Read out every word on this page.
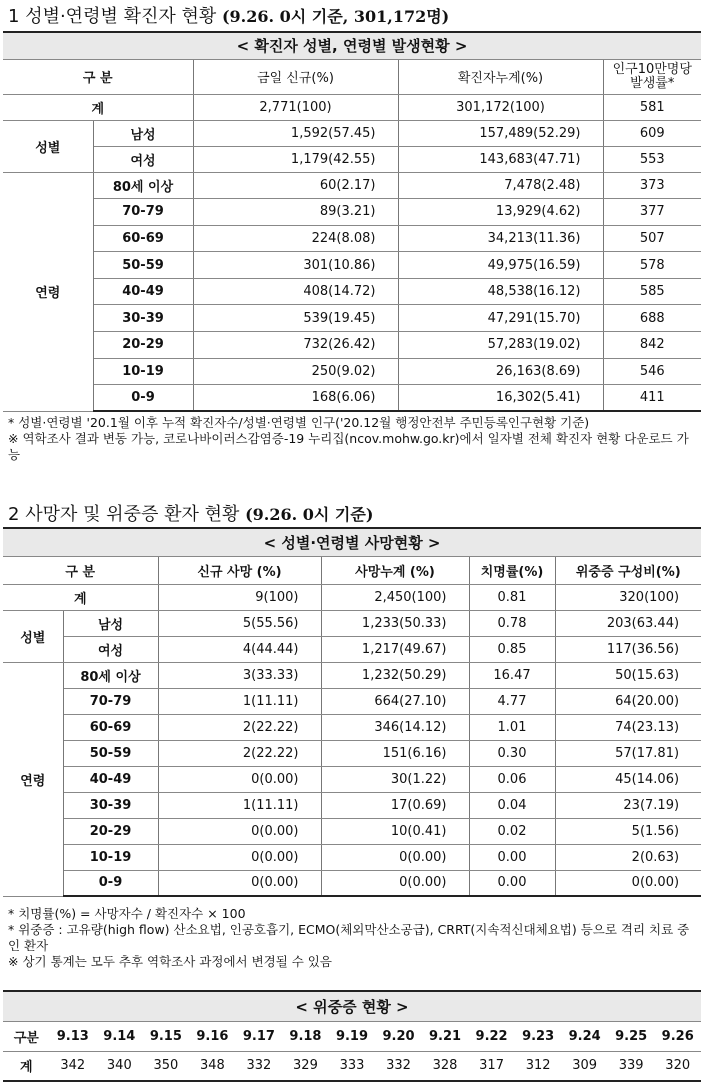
1 성별·연령별 확진자 현황 (9.26. 0시 기준, 301,172명)
< 확진자 성별, 연령별 발생현황 >				
구 분		금일 신규(%)	확진자누계(%)	인구10만명당
발생률*

계		2,771(100)	301,172(100)	581
성별	남성	1,592(57.45)	157,489(52.29)	609
	여성	1,179(42.55)	143,683(47.71)	553
연령	80세 이상	60(2.17)	7,478(2.48)	373
	70-79	89(3.21)	13,929(4.62)	377
	60-69	224(8.08)	34,213(11.36)	507
	50-59	301(10.86)	49,975(16.59)	578
	40-49	408(14.72)	48,538(16.12)	585
	30-39	539(19.45)	47,291(15.70)	688
	20-29	732(26.42)	57,283(19.02)	842
	10-19	250(9.02)	26,163(8.69)	546
	0-9	168(6.06)	16,302(5.41)	411

* 성별·연령별 '20.1월 이후 누적 확진자수/성별·연령별 인구('20.12월 행정안전부 주민등록인구현황 기준)

※ 역학조사 결과 변동 가능, 코로나바이러스감염증-19 누리집(ncov.mohw.go.kr)에서 일자별 전체 확진자 현황 다운로드 가능

2 사망자 및 위중증 환자 현황 (9.26. 0시 기준)
< 성별·연령별 사망현황 >					
구 분		신규 사망 (%)	사망누계 (%)	치명률(%)	위중증 구성비(%)
계		9(100)	2,450(100)	0.81	320(100)
성별	남성	5(55.56)	1,233(50.33)	0.78	203(63.44)
	여성	4(44.44)	1,217(49.67)	0.85	117(36.56)
연령	80세 이상	3(33.33)	1,232(50.29)	16.47	50(15.63)
	70-79	1(11.11)	664(27.10)	4.77	64(20.00)
	60-69	2(22.22)	346(14.12)	1.01	74(23.13)
	50-59	2(22.22)	151(6.16)	0.30	57(17.81)
	40-49	0(0.00)	30(1.22)	0.06	45(14.06)
	30-39	1(11.11)	17(0.69)	0.04	23(7.19)
	20-29	0(0.00)	10(0.41)	0.02	5(1.56)
	10-19	0(0.00)	0(0.00)	0.00	2(0.63)
	0-9	0(0.00)	0(0.00)	0.00	0(0.00)

* 치명률(%) = 사망자수 / 확진자수 × 100

* 위중증 : 고유량(high flow) 산소요법, 인공호흡기, ECMO(체외막산소공급), CRRT(지속적신대체요법) 등으로 격리 치료 중인 환자

※ 상기 통계는 모두 추후 역학조사 과정에서 변경될 수 있음

< 위중증 현황 >														
구분	9.13	9.14	9.15	9.16	9.17	9.18	9.19	9.20	9.21	9.22	9.23	9.24	9.25	9.26
계	342	340	350	348	332	329	333	332	328	317	312	309	339	320
